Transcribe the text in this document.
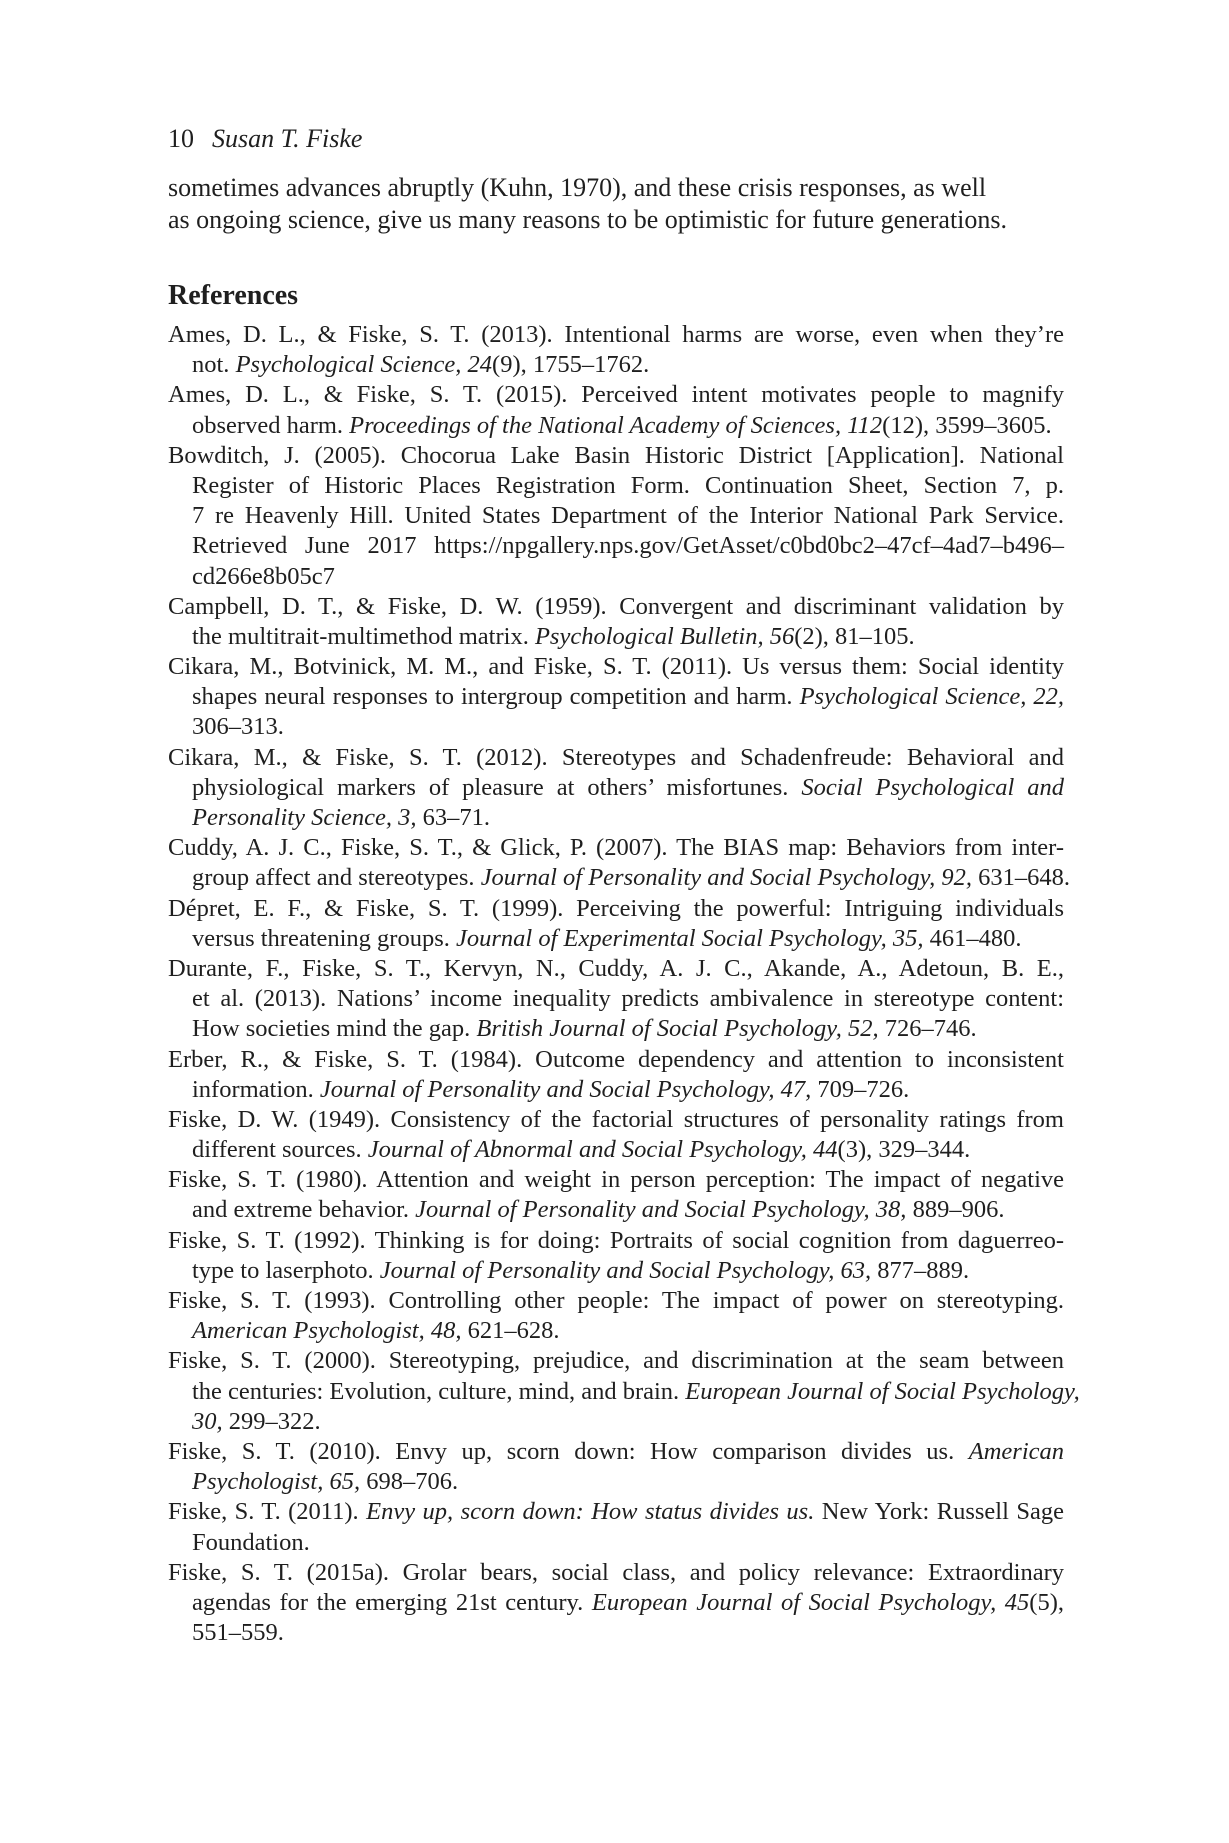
10 Susan T. Fiske
sometimes advances abruptly (Kuhn, 1970), and these crisis responses, as well
as ongoing science, give us many reasons to be optimistic for future generations.
References
Ames, D. L., & Fiske, S. T. (2013). Intentional harms are worse, even when they’re
not. Psychological Science, 24(9), 1755–1762.
Ames, D. L., & Fiske, S. T. (2015). Perceived intent motivates people to magnify
observed harm. Proceedings of the National Academy of Sciences, 112(12), 3599–3605.
Bowditch, J. (2005). Chocorua Lake Basin Historic District [Application]. National
Register of Historic Places Registration Form. Continuation Sheet, Section 7, p.
7 re Heavenly Hill. United States Department of the Interior National Park Service.
Retrieved June 2017 https://npgallery.nps.gov/GetAsset/c0bd0bc2–47cf–4ad7–b496–
cd266e8b05c7
Campbell, D. T., & Fiske, D. W. (1959). Convergent and discriminant validation by
the multitrait-multimethod matrix. Psychological Bulletin, 56(2), 81–105.
Cikara, M., Botvinick, M. M., and Fiske, S. T. (2011). Us versus them: Social identity
shapes neural responses to intergroup competition and harm. Psychological Science, 22,
306–313.
Cikara, M., & Fiske, S. T. (2012). Stereotypes and Schadenfreude: Behavioral and
physiological markers of pleasure at others’ misfortunes. Social Psychological and
Personality Science, 3, 63–71.
Cuddy, A. J. C., Fiske, S. T., & Glick, P. (2007). The BIAS map: Behaviors from inter-
group affect and stereotypes. Journal of Personality and Social Psychology, 92, 631–648.
Dépret, E. F., & Fiske, S. T. (1999). Perceiving the powerful: Intriguing individuals
versus threatening groups. Journal of Experimental Social Psychology, 35, 461–480.
Durante, F., Fiske, S. T., Kervyn, N., Cuddy, A. J. C., Akande, A., Adetoun, B. E.,
et al. (2013). Nations’ income inequality predicts ambivalence in stereotype content:
How societies mind the gap. British Journal of Social Psychology, 52, 726–746.
Erber, R., & Fiske, S. T. (1984). Outcome dependency and attention to inconsistent
information. Journal of Personality and Social Psychology, 47, 709–726.
Fiske, D. W. (1949). Consistency of the factorial structures of personality ratings from
different sources. Journal of Abnormal and Social Psychology, 44(3), 329–344.
Fiske, S. T. (1980). Attention and weight in person perception: The impact of negative
and extreme behavior. Journal of Personality and Social Psychology, 38, 889–906.
Fiske, S. T. (1992). Thinking is for doing: Portraits of social cognition from daguerreo-
type to laserphoto. Journal of Personality and Social Psychology, 63, 877–889.
Fiske, S. T. (1993). Controlling other people: The impact of power on stereotyping.
American Psychologist, 48, 621–628.
Fiske, S. T. (2000). Stereotyping, prejudice, and discrimination at the seam between
the centuries: Evolution, culture, mind, and brain. European Journal of Social Psychology,
30, 299–322.
Fiske, S. T. (2010). Envy up, scorn down: How comparison divides us. American
Psychologist, 65, 698–706.
Fiske, S. T. (2011). Envy up, scorn down: How status divides us. New York: Russell Sage
Foundation.
Fiske, S. T. (2015a). Grolar bears, social class, and policy relevance: Extraordinary
agendas for the emerging 21st century. European Journal of Social Psychology, 45(5),
551–559.
